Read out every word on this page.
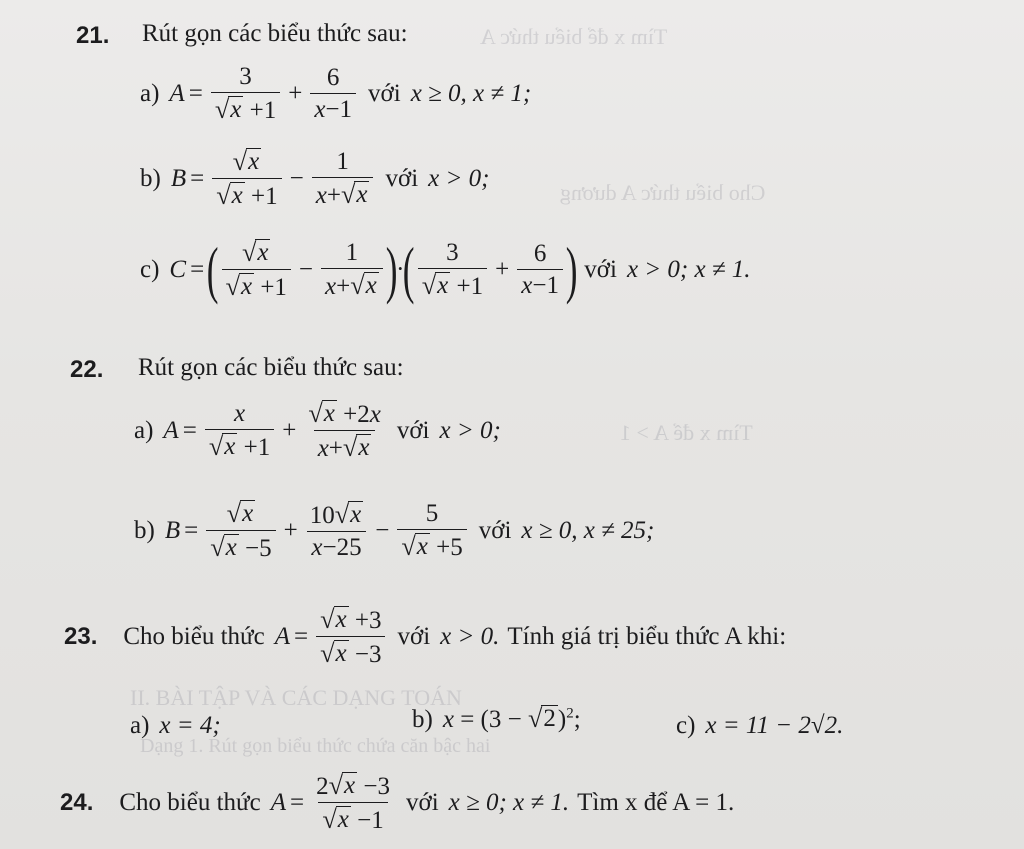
Tìm x để biểu thức A
Cho biểu thức A dương
Tìm x để A > 1
II. BÀI TẬP VÀ CÁC DẠNG TOÁN
Dạng 1. Rút gọn biểu thức chứa căn bậc hai
21. Rút gọn các biểu thức sau:
a) $A = \frac{3}{√ x +1} + \frac{6}{x-1}$ với x ≥ 0, x ≠ 1;
b) $B = \frac{√ x}{√ x +1} - \frac{1}{x+ √ x}$ với x > 0;
c) C = ( $\frac{√ x}{√ x +1} - \frac{1}{x+ √ x}$ )
·
( $\frac{3}{√ x +1} + \frac{6}{x-1}$ ) với x > 0; x ≠ 1.
22. Rút gọn các biểu thức sau:
a) $A = \frac{x}{√ x +1} + \frac{√ x +2x}{x+ √ x}$ với x > 0;
b) $B = \frac{√ x}{√ x -5} + \frac{10 √ x}{x-25} - \frac{5}{√ x +5}$ với x ≥ 0, x ≠ 25;
23. Cho biểu thức $A = \frac{√ x +3}{√ x -3}$ với x > 0. Tính giá trị biểu thức A khi:
a) x = 4;	b) x = (3 − √ 2 )$^2$;	c) x = 11 − 2√2.
24. Cho biểu thức $A = \frac{2 √ x -3}{√ x -1}$ với x ≥ 0; x ≠ 1. Tìm x để A = 1.
